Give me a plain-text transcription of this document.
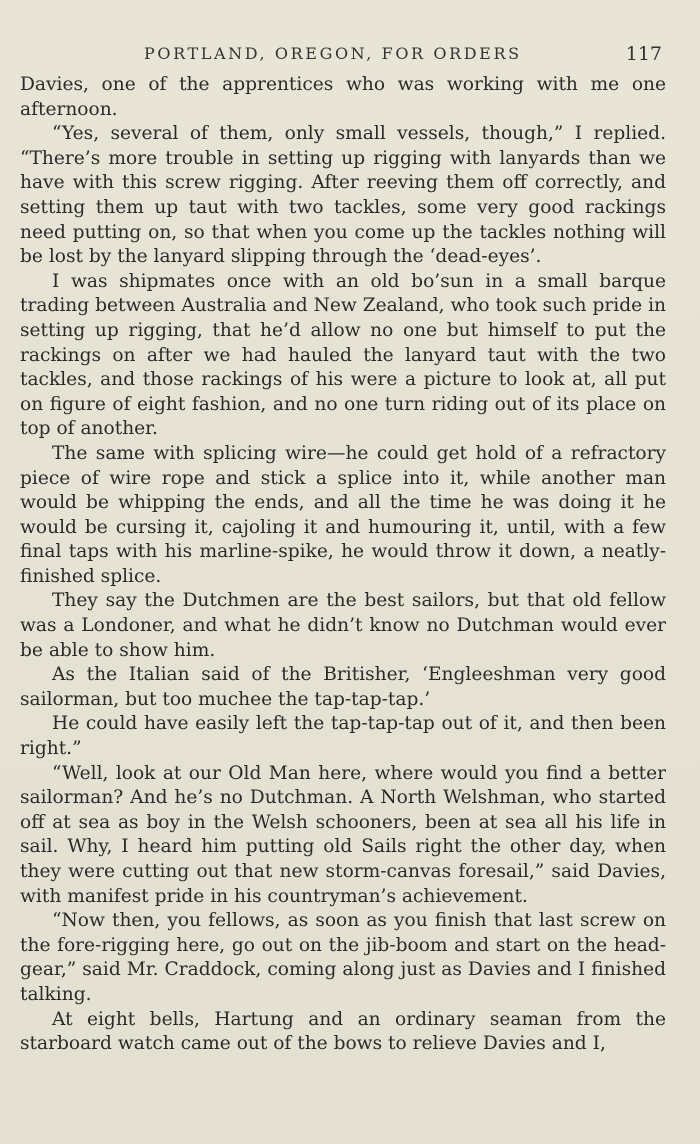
PORTLAND, OREGON, FOR ORDERS	117

Davies, one of the apprentices who was working with me one afternoon.

“Yes, several of them, only small vessels, though,” I replied. “There’s more trouble in setting up rigging with lanyards than we have with this screw rigging. After reeving them off correctly, and setting them up taut with two tackles, some very good rackings need putting on, so that when you come up the tackles nothing will be lost by the lanyard slipping through the ‘dead-eyes’.

I was shipmates once with an old bo’sun in a small barque trading between Australia and New Zealand, who took such pride in setting up rigging, that he’d allow no one but himself to put the rackings on after we had hauled the lanyard taut with the two tackles, and those rackings of his were a picture to look at, all put on figure of eight fashion, and no one turn riding out of its place on top of another.

The same with splicing wire—he could get hold of a refractory piece of wire rope and stick a splice into it, while another man would be whipping the ends, and all the time he was doing it he would be cursing it, cajoling it and humouring it, until, with a few final taps with his marline-spike, he would throw it down, a neatly-finished splice.

They say the Dutchmen are the best sailors, but that old fellow was a Londoner, and what he didn’t know no Dutchman would ever be able to show him.

As the Italian said of the Britisher, ‘Engleeshman very good sailorman, but too muchee the tap-tap-tap.’

He could have easily left the tap-tap-tap out of it, and then been right.”

“Well, look at our Old Man here, where would you find a better sailorman? And he’s no Dutchman. A North Welshman, who started off at sea as boy in the Welsh schooners, been at sea all his life in sail. Why, I heard him putting old Sails right the other day, when they were cutting out that new storm-canvas foresail,” said Davies, with manifest pride in his countryman’s achievement.

“Now then, you fellows, as soon as you finish that last screw on the fore-rigging here, go out on the jib-boom and start on the head-gear,” said Mr. Craddock, coming along just as Davies and I finished talking.

At eight bells, Hartung and an ordinary seaman from the starboard watch came out of the bows to relieve Davies and I,
